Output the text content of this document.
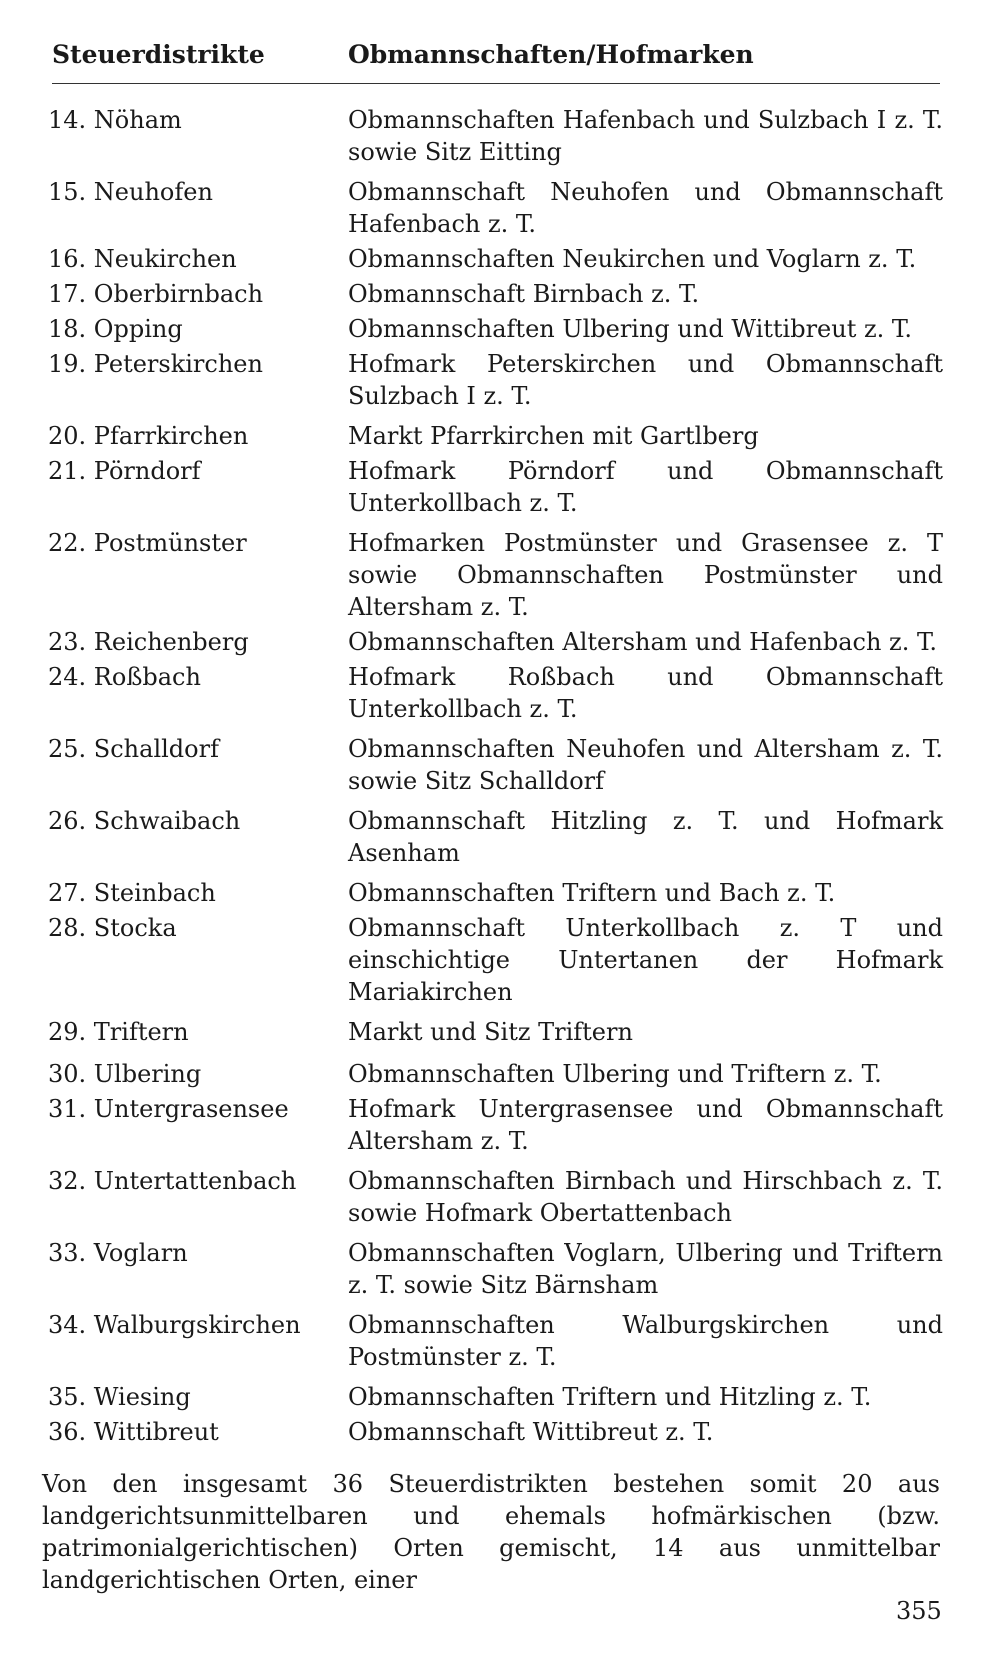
Steuerdistrikte	Obmannschaften/Hofmarken
14. Nöham	Obmannschaften Hafenbach und Sulzbach I z. T. sowie Sitz Eitting
15. Neuhofen	Obmannschaft Neuhofen und Obmannschaft Hafenbach z. T.
16. Neukirchen	Obmannschaften Neukirchen und Voglarn z. T.
17. Oberbirnbach	Obmannschaft Birnbach z. T.
18. Opping	Obmannschaften Ulbering und Wittibreut z. T.
19. Peterskirchen	Hofmark Peterskirchen und Obmannschaft Sulzbach I z. T.
20. Pfarrkirchen	Markt Pfarrkirchen mit Gartlberg
21. Pörndorf	Hofmark Pörndorf und Obmannschaft Unterkollbach z. T.
22. Postmünster	Hofmarken Postmünster und Grasensee z. T sowie Obmannschaften Postmünster und Altersham z. T.
23. Reichenberg	Obmannschaften Altersham und Hafenbach z. T.
24. Roßbach	Hofmark Roßbach und Obmannschaft Unterkollbach z. T.
25. Schalldorf	Obmannschaften Neuhofen und Altersham z. T. sowie Sitz Schalldorf
26. Schwaibach	Obmannschaft Hitzling z. T. und Hofmark Asenham
27. Steinbach	Obmannschaften Triftern und Bach z. T.
28. Stocka	Obmannschaft Unterkollbach z. T und einschichtige Untertanen der Hofmark Mariakirchen
29. Triftern	Markt und Sitz Triftern
30. Ulbering	Obmannschaften Ulbering und Triftern z. T.
31. Untergrasensee	Hofmark Untergrasensee und Obmannschaft Altersham z. T.
32. Untertattenbach	Obmannschaften Birnbach und Hirschbach z. T. sowie Hofmark Obertattenbach
33. Voglarn	Obmannschaften Voglarn, Ulbering und Triftern z. T. sowie Sitz Bärnsham
34. Walburgskirchen	Obmannschaften Walburgskirchen und Postmünster z. T.
35. Wiesing	Obmannschaften Triftern und Hitzling z. T.
36. Wittibreut	Obmannschaft Wittibreut z. T.
Von den insgesamt 36 Steuerdistrikten bestehen somit 20 aus landgerichtsunmittelbaren und ehemals hofmärkischen (bzw. patrimonialgerichtischen) Orten gemischt, 14 aus unmittelbar landgerichtischen Orten, einer
355
